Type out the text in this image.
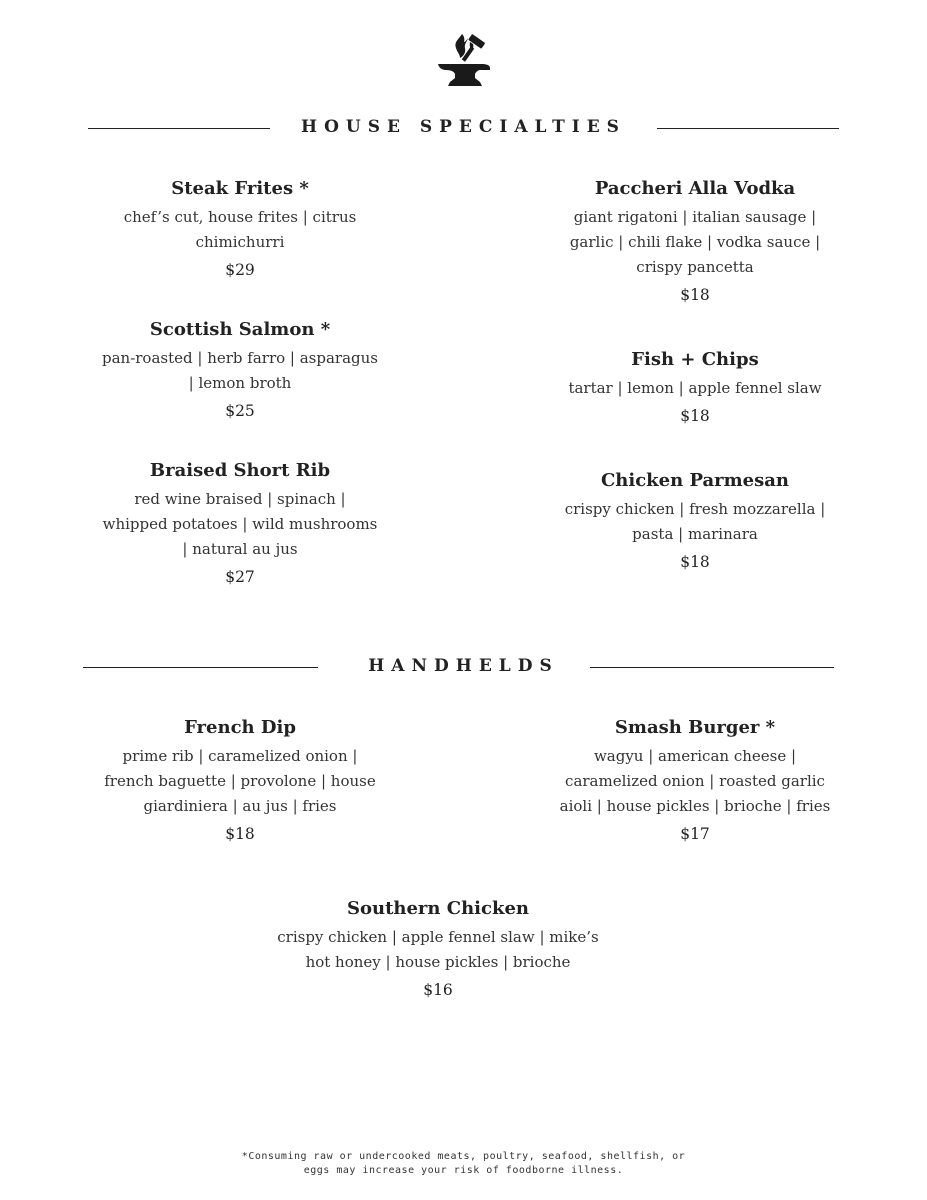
HOUSE SPECIALTIES
Steak Frites *
chef’s cut, house frites | citrus
chimichurri
$29
Paccheri Alla Vodka
giant rigatoni | italian sausage |
garlic | chili flake | vodka sauce |
crispy pancetta
$18
Scottish Salmon *
pan-roasted | herb farro | asparagus
| lemon broth
$25
Fish + Chips
tartar | lemon | apple fennel slaw
$18
Braised Short Rib
red wine braised | spinach |
whipped potatoes | wild mushrooms
| natural au jus
$27
Chicken Parmesan
crispy chicken | fresh mozzarella |
pasta | marinara
$18
HANDHELDS
French Dip
prime rib | caramelized onion |
french baguette | provolone | house
giardiniera | au jus | fries
$18
Smash Burger *
wagyu | american cheese |
caramelized onion | roasted garlic
aioli | house pickles | brioche | fries
$17
Southern Chicken
crispy chicken | apple fennel slaw | mike’s
hot honey | house pickles | brioche
$16
*Consuming raw or undercooked meats, poultry, seafood, shellfish, or
eggs may increase your risk of foodborne illness.
